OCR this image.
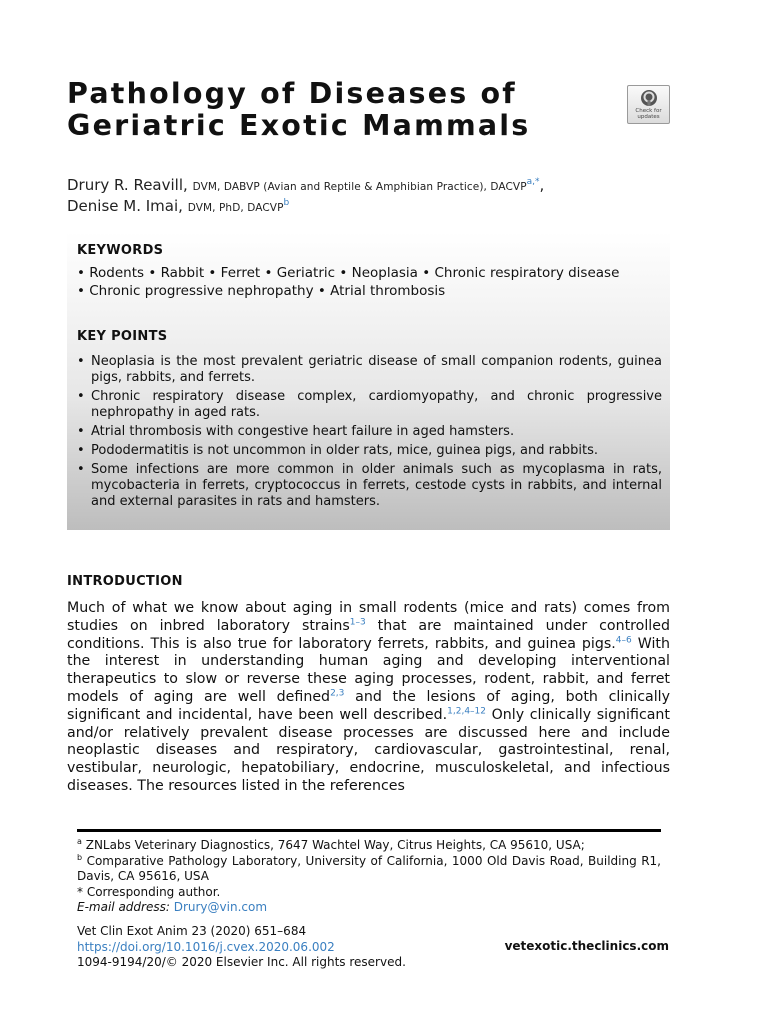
Pathology of Diseases of
Geriatric Exotic Mammals	Check for
updates
Drury R. Reavill, DVM, DABVP (Avian and Reptile & Amphibian Practice), $DACVP^{a,*}$,
Denise M. Imai, DVM, PhD, DACVP$^b$
KEYWORDS
• Rodents • Rabbit • Ferret • Geriatric • Neoplasia • Chronic respiratory disease
• Chronic progressive nephropathy • Atrial thrombosis
KEY POINTS
• Neoplasia is the most prevalent geriatric disease of small companion rodents, guinea pigs, rabbits, and ferrets.
• Chronic respiratory disease complex, cardiomyopathy, and chronic progressive nephropathy in aged rats.
• Atrial thrombosis with congestive heart failure in aged hamsters.
• Pododermatitis is not uncommon in older rats, mice, guinea pigs, and rabbits.
• Some infections are more common in older animals such as mycoplasma in rats, mycobacteria in ferrets, cryptococcus in ferrets, cestode cysts in rabbits, and internal and external parasites in rats and hamsters.
INTRODUCTION

Much of what we know about aging in small rodents (mice and rats) comes from studies on inbred laboratory strains$^{1-3}$ that are maintained under controlled conditions. This is also true for laboratory ferrets, rabbits, and guinea pigs.$^{4-6}$ With the interest in understanding human aging and developing interventional therapeutics to slow or reverse these aging processes, rodent, rabbit, and ferret models of aging are well defined$^{2,3}$ and the lesions of aging, both clinically significant and incidental, have been well described.$^{1,2,4-12}$ Only clinically significant and/or relatively prevalent disease processes are discussed here and include neoplastic diseases and respiratory, cardiovascular, gastrointestinal, renal, vestibular, neurologic, hepatobiliary, endocrine, musculoskeletal, and infectious diseases. The resources listed in the references

$^a$ ZNLabs Veterinary Diagnostics, 7647 Wachtel Way, Citrus Heights, CA 95610, USA;

$^b$ Comparative Pathology Laboratory, University of California, 1000 Old Davis Road, Building R1, Davis, CA 95616, USA

* Corresponding author.

E-mail address: Drury@vin.com

Vet Clin Exot Anim 23 (2020) 651–684
https://doi.org/10.1016/j.cvex.2020.06.002
1094-9194/20/© 2020 Elsevier Inc. All rights reserved.
vetexotic.theclinics.com
